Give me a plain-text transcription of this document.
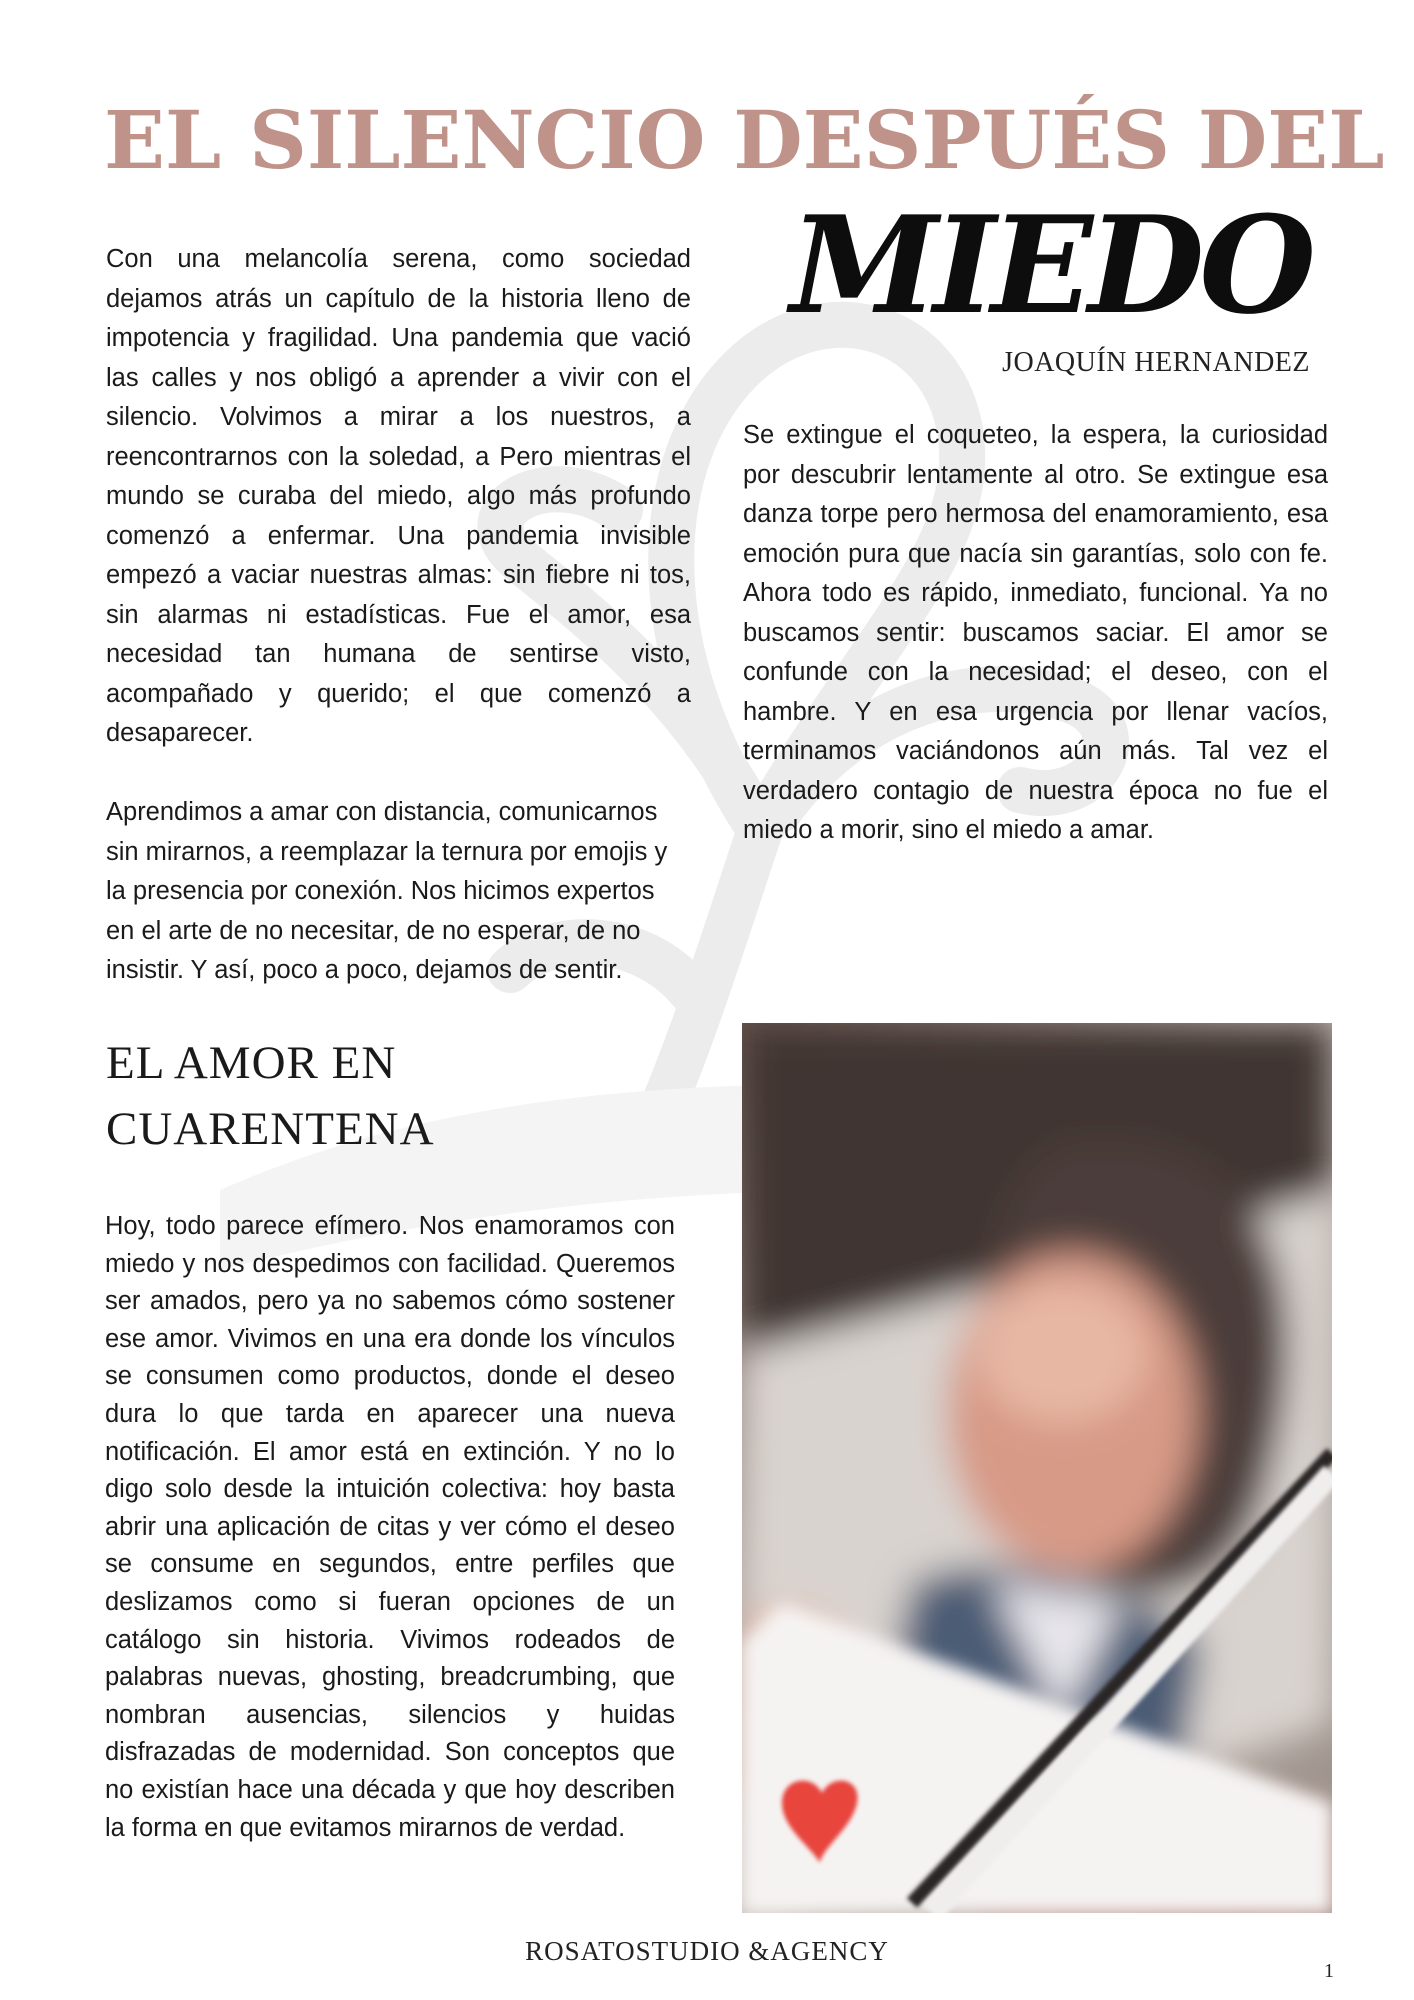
EL SILENCIO DESPUÉS DEL
MIEDO
JOAQUÍN HERNANDEZ

Con una melancolía serena, como sociedad dejamos atrás un capítulo de la historia lleno de impotencia y fragilidad. Una pandemia que vació las calles y nos obligó a aprender a vivir con el silencio. Volvimos a mirar a los nuestros, a reencontrarnos con la soledad, a Pero mientras el mundo se curaba del miedo, algo más profundo comenzó a enfermar. Una pandemia invisible empezó a vaciar nuestras almas: sin fiebre ni tos, sin alarmas ni estadísticas. Fue el amor, esa necesidad tan humana de sentirse visto, acompañado y querido; el que comenzó a desaparecer.

Aprendimos a amar con distancia, comunicarnos sin mirarnos, a reemplazar la ternura por emojis y la presencia por conexión. Nos hicimos expertos en el arte de no necesitar, de no esperar, de no insistir. Y así, poco a poco, dejamos de sentir.

Se extingue el coqueteo, la espera, la curiosidad por descubrir lentamente al otro. Se extingue esa danza torpe pero hermosa del enamoramiento, esa emoción pura que nacía sin garantías, solo con fe. Ahora todo es rápido, inmediato, funcional. Ya no buscamos sentir: buscamos saciar. El amor se confunde con la necesidad; el deseo, con el hambre. Y en esa urgencia por llenar vacíos, terminamos vaciándonos aún más. Tal vez el verdadero contagio de nuestra época no fue el miedo a morir, sino el miedo a amar.

EL AMOR EN CUARENTENA

Hoy, todo parece efímero. Nos enamoramos con miedo y nos despedimos con facilidad. Queremos ser amados, pero ya no sabemos cómo sostener ese amor. Vivimos en una era donde los vínculos se consumen como productos, donde el deseo dura lo que tarda en aparecer una nueva notificación. El amor está en extinción. Y no lo digo solo desde la intuición colectiva: hoy basta abrir una aplicación de citas y ver cómo el deseo se consume en segundos, entre perfiles que deslizamos como si fueran opciones de un catálogo sin historia. Vivimos rodeados de palabras nuevas, ghosting, breadcrumbing, que nombran ausencias, silencios y huidas disfrazadas de modernidad. Son conceptos que no existían hace una década y que hoy describen la forma en que evitamos mirarnos de verdad.

ROSATOSTUDIO &AGENCY
1
